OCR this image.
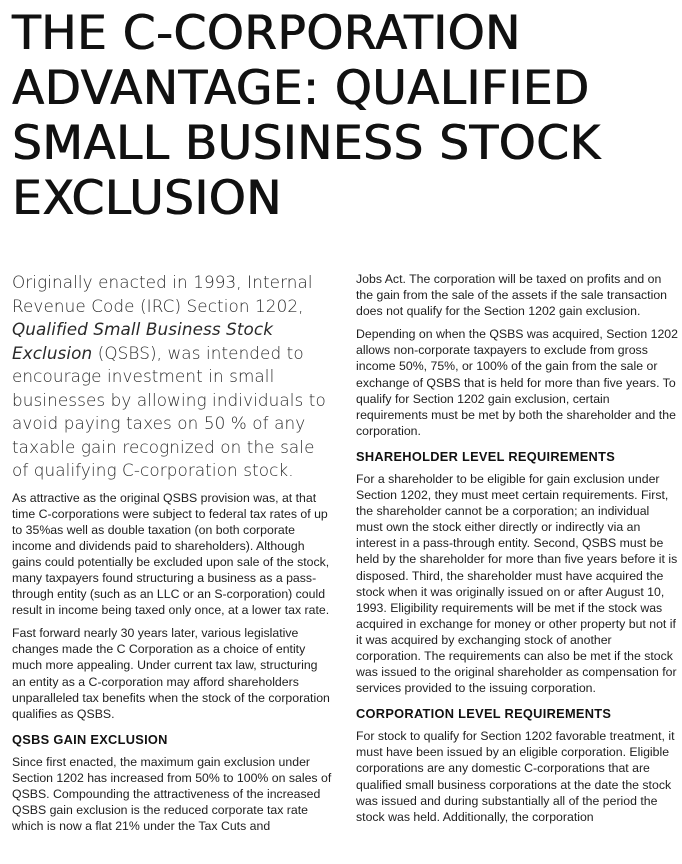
THE C-CORPORATION ADVANTAGE: QUALIFIED SMALL BUSINESS STOCK EXCLUSION

Originally enacted in 1993, Internal Revenue Code (IRC) Section 1202, Qualified Small Business Stock Exclusion (QSBS), was intended to encourage investment in small businesses by allowing individuals to avoid paying taxes on 50 % of any taxable gain recognized on the sale of qualifying C-corporation stock.

As attractive as the original QSBS provision was, at that time C-corporations were subject to federal tax rates of up to 35%as well as double taxation (on both corporate income and dividends paid to shareholders). Although gains could potentially be excluded upon sale of the stock, many taxpayers found structuring a business as a pass-through entity (such as an LLC or an S-corporation) could result in income being taxed only once, at a lower tax rate.

Fast forward nearly 30 years later, various legislative changes made the C Corporation as a choice of entity much more appealing. Under current tax law, structuring an entity as a C-corporation may afford shareholders unparalleled tax benefits when the stock of the corporation qualifies as QSBS.

QSBS GAIN EXCLUSION

Since first enacted, the maximum gain exclusion under Section 1202 has increased from 50% to 100% on sales of QSBS. Compounding the attractiveness of the increased QSBS gain exclusion is the reduced corporate tax rate which is now a flat 21% under the Tax Cuts and

Jobs Act. The corporation will be taxed on profits and on the gain from the sale of the assets if the sale transaction does not qualify for the Section 1202 gain exclusion.

Depending on when the QSBS was acquired, Section 1202 allows non-corporate taxpayers to exclude from gross income 50%, 75%, or 100% of the gain from the sale or exchange of QSBS that is held for more than five years. To qualify for Section 1202 gain exclusion, certain requirements must be met by both the shareholder and the corporation.

SHAREHOLDER LEVEL REQUIREMENTS

For a shareholder to be eligible for gain exclusion under Section 1202, they must meet certain requirements. First, the shareholder cannot be a corporation; an individual must own the stock either directly or indirectly via an interest in a pass-through entity. Second, QSBS must be held by the shareholder for more than five years before it is disposed. Third, the shareholder must have acquired the stock when it was originally issued on or after August 10, 1993. Eligibility requirements will be met if the stock was acquired in exchange for money or other property but not if it was acquired by exchanging stock of another corporation. The requirements can also be met if the stock was issued to the original shareholder as compensation for services provided to the issuing corporation.

CORPORATION LEVEL REQUIREMENTS

For stock to qualify for Section 1202 favorable treatment, it must have been issued by an eligible corporation. Eligible corporations are any domestic C-corporations that are qualified small business corporations at the date the stock was issued and during substantially all of the period the stock was held. Additionally, the corporation
